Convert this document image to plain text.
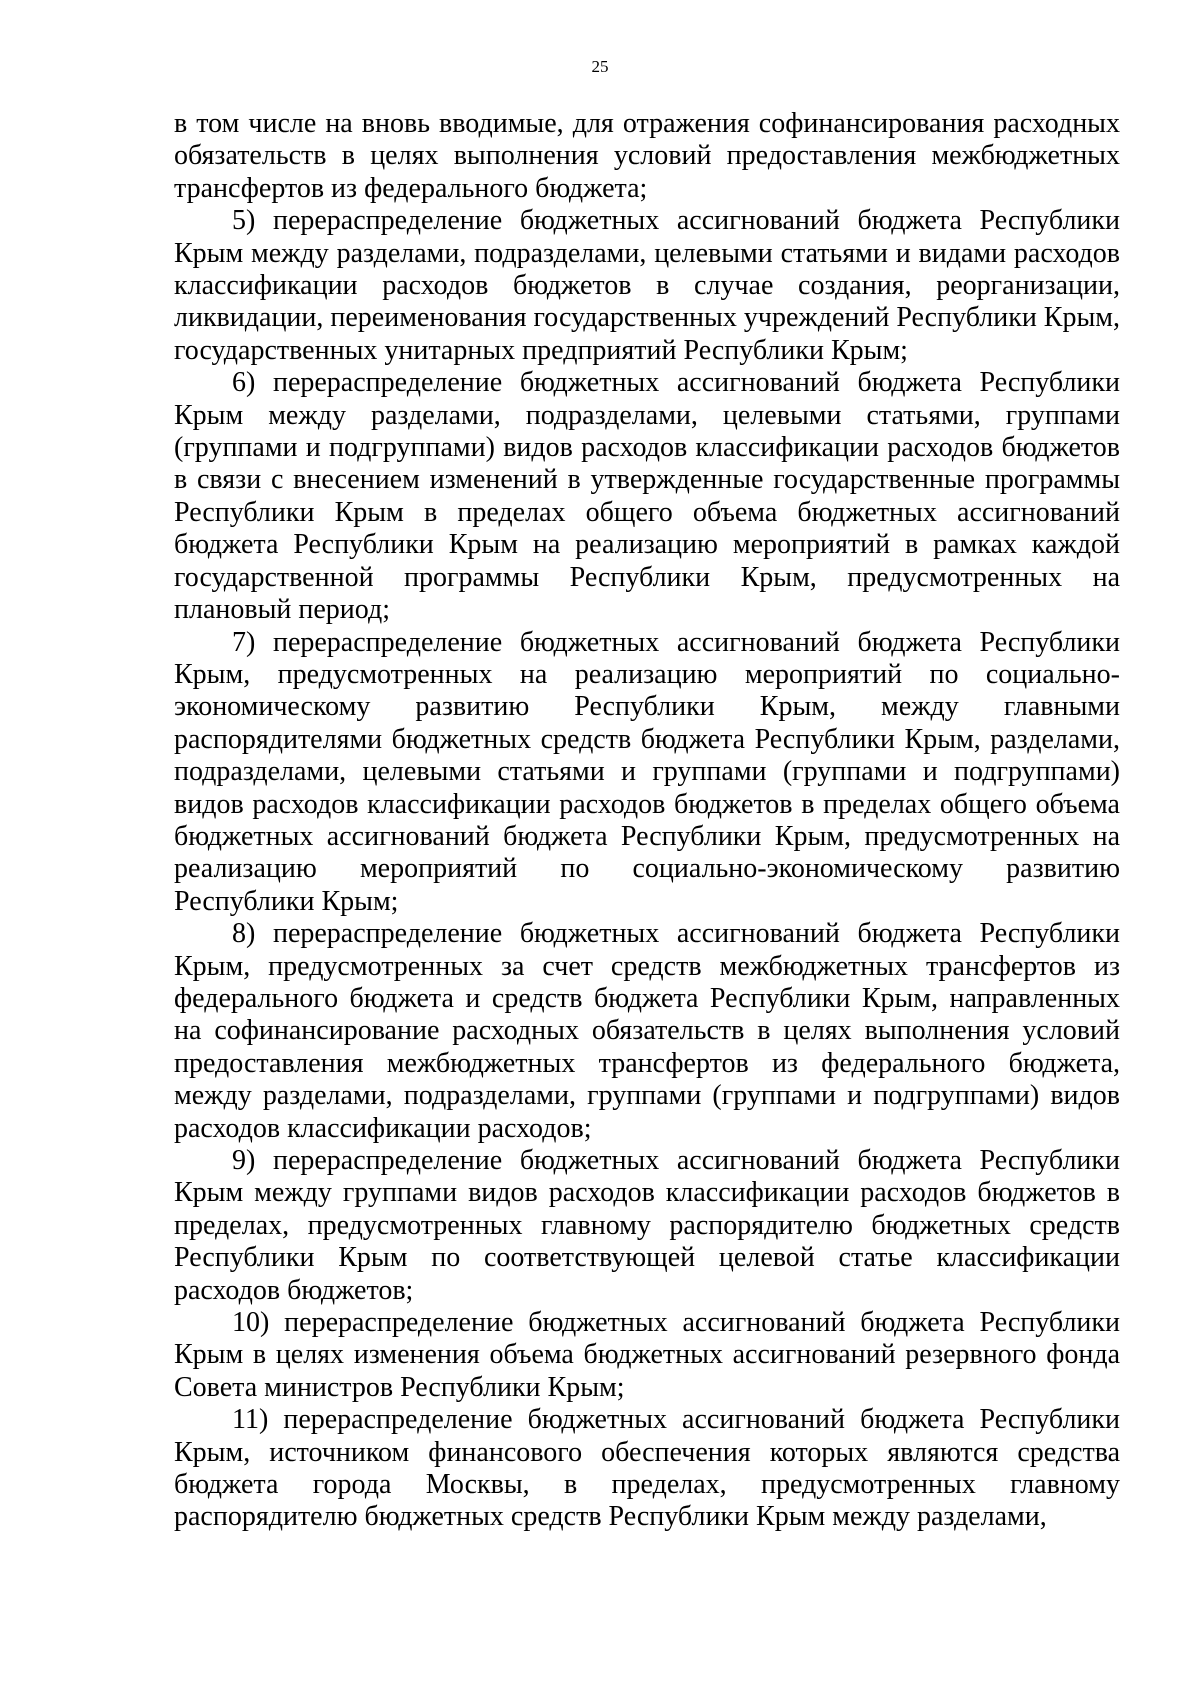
25

в том числе на вновь вводимые, для отражения софинансирования расходных обязательств в целях выполнения условий предоставления межбюджетных трансфертов из федерального бюджета;

5) перераспределение бюджетных ассигнований бюджета Республики Крым между разделами, подразделами, целевыми статьями и видами расходов классификации расходов бюджетов в случае создания, реорганизации, ликвидации, переименования государственных учреждений Республики Крым, государственных унитарных предприятий Республики Крым;

6) перераспределение бюджетных ассигнований бюджета Республики Крым между разделами, подразделами, целевыми статьями, группами (группами и подгруппами) видов расходов классификации расходов бюджетов в связи с внесением изменений в утвержденные государственные программы Республики Крым в пределах общего объема бюджетных ассигнований бюджета Республики Крым на реализацию мероприятий в рамках каждой государственной программы Республики Крым, предусмотренных на плановый период;

7) перераспределение бюджетных ассигнований бюджета Республики Крым, предусмотренных на реализацию мероприятий по социально-экономическому развитию Республики Крым, между главными распорядителями бюджетных средств бюджета Республики Крым, разделами, подразделами, целевыми статьями и группами (группами и подгруппами) видов расходов классификации расходов бюджетов в пределах общего объема бюджетных ассигнований бюджета Республики Крым, предусмотренных на реализацию мероприятий по социально-экономическому развитию Республики Крым;

8) перераспределение бюджетных ассигнований бюджета Республики Крым, предусмотренных за счет средств межбюджетных трансфертов из федерального бюджета и средств бюджета Республики Крым, направленных на софинансирование расходных обязательств в целях выполнения условий предоставления межбюджетных трансфертов из федерального бюджета, между разделами, подразделами, группами (группами и подгруппами) видов расходов классификации расходов;

9) перераспределение бюджетных ассигнований бюджета Республики Крым между группами видов расходов классификации расходов бюджетов в пределах, предусмотренных главному распорядителю бюджетных средств Республики Крым по соответствующей целевой статье классификации расходов бюджетов;

10) перераспределение бюджетных ассигнований бюджета Республики Крым в целях изменения объема бюджетных ассигнований резервного фонда Совета министров Республики Крым;

11) перераспределение бюджетных ассигнований бюджета Республики Крым, источником финансового обеспечения которых являются средства бюджета города Москвы, в пределах, предусмотренных главному распорядителю бюджетных средств Республики Крым между разделами,
